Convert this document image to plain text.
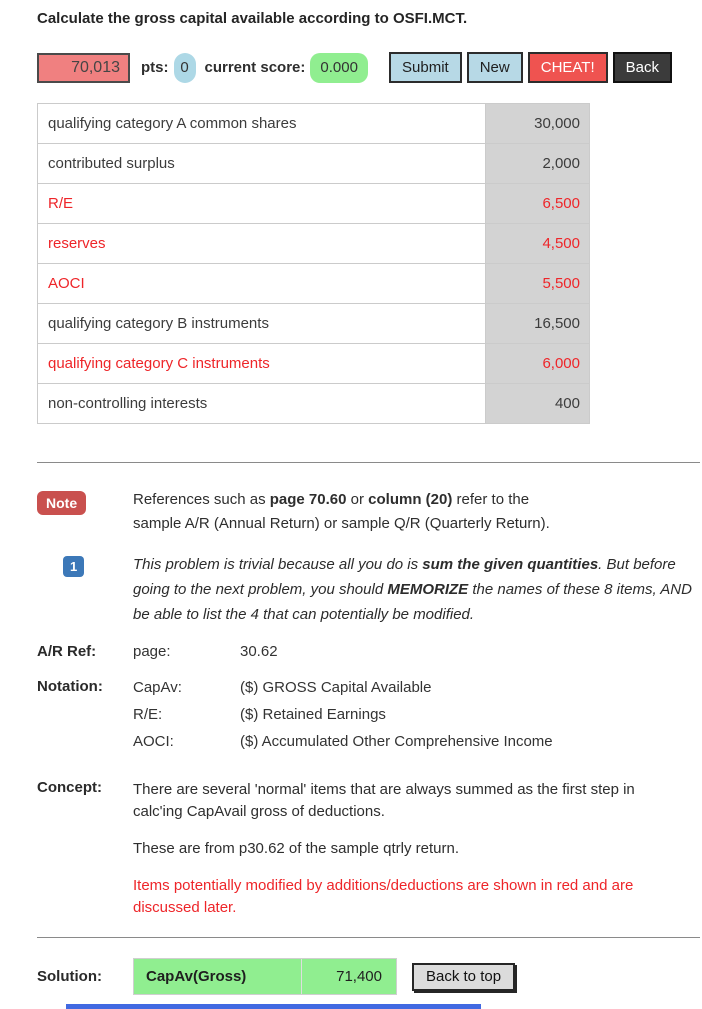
Calculate the gross capital available according to OSFI.MCT.
70,013
pts: 0	current score:	0.000	Submit	New	CHEAT!	Back
qualifying category A common shares	30,000
contributed surplus	2,000
R/E	6,500
reserves	4,500
AOCI	5,500
qualifying category B instruments	16,500
qualifying category C instruments	6,000
non-controlling interests	400
Note	References such as page 70.60 or column (20) refer to the sample A/R (Annual Return) or sample Q/R (Quarterly Return).
1	This problem is trivial because all you do is sum the given quantities. But before going to the next problem, you should MEMORIZE the names of these 8 items, AND be able to list the 4 that can potentially be modified.
A/R Ref:	page:	30.62
Notation:	CapAv:	($) GROSS Capital Available
R/E:	($) Retained Earnings
AOCI:	($) Accumulated Other Comprehensive Income
Concept:	There are several 'normal' items that are always summed as the first step in calc'ing CapAvail gross of deductions.

These are from p30.62 of the sample qtrly return.

Items potentially modified by additions/deductions are shown in red and are discussed later.

Solution:	CapAv(Gross)	71,400	Back to top
